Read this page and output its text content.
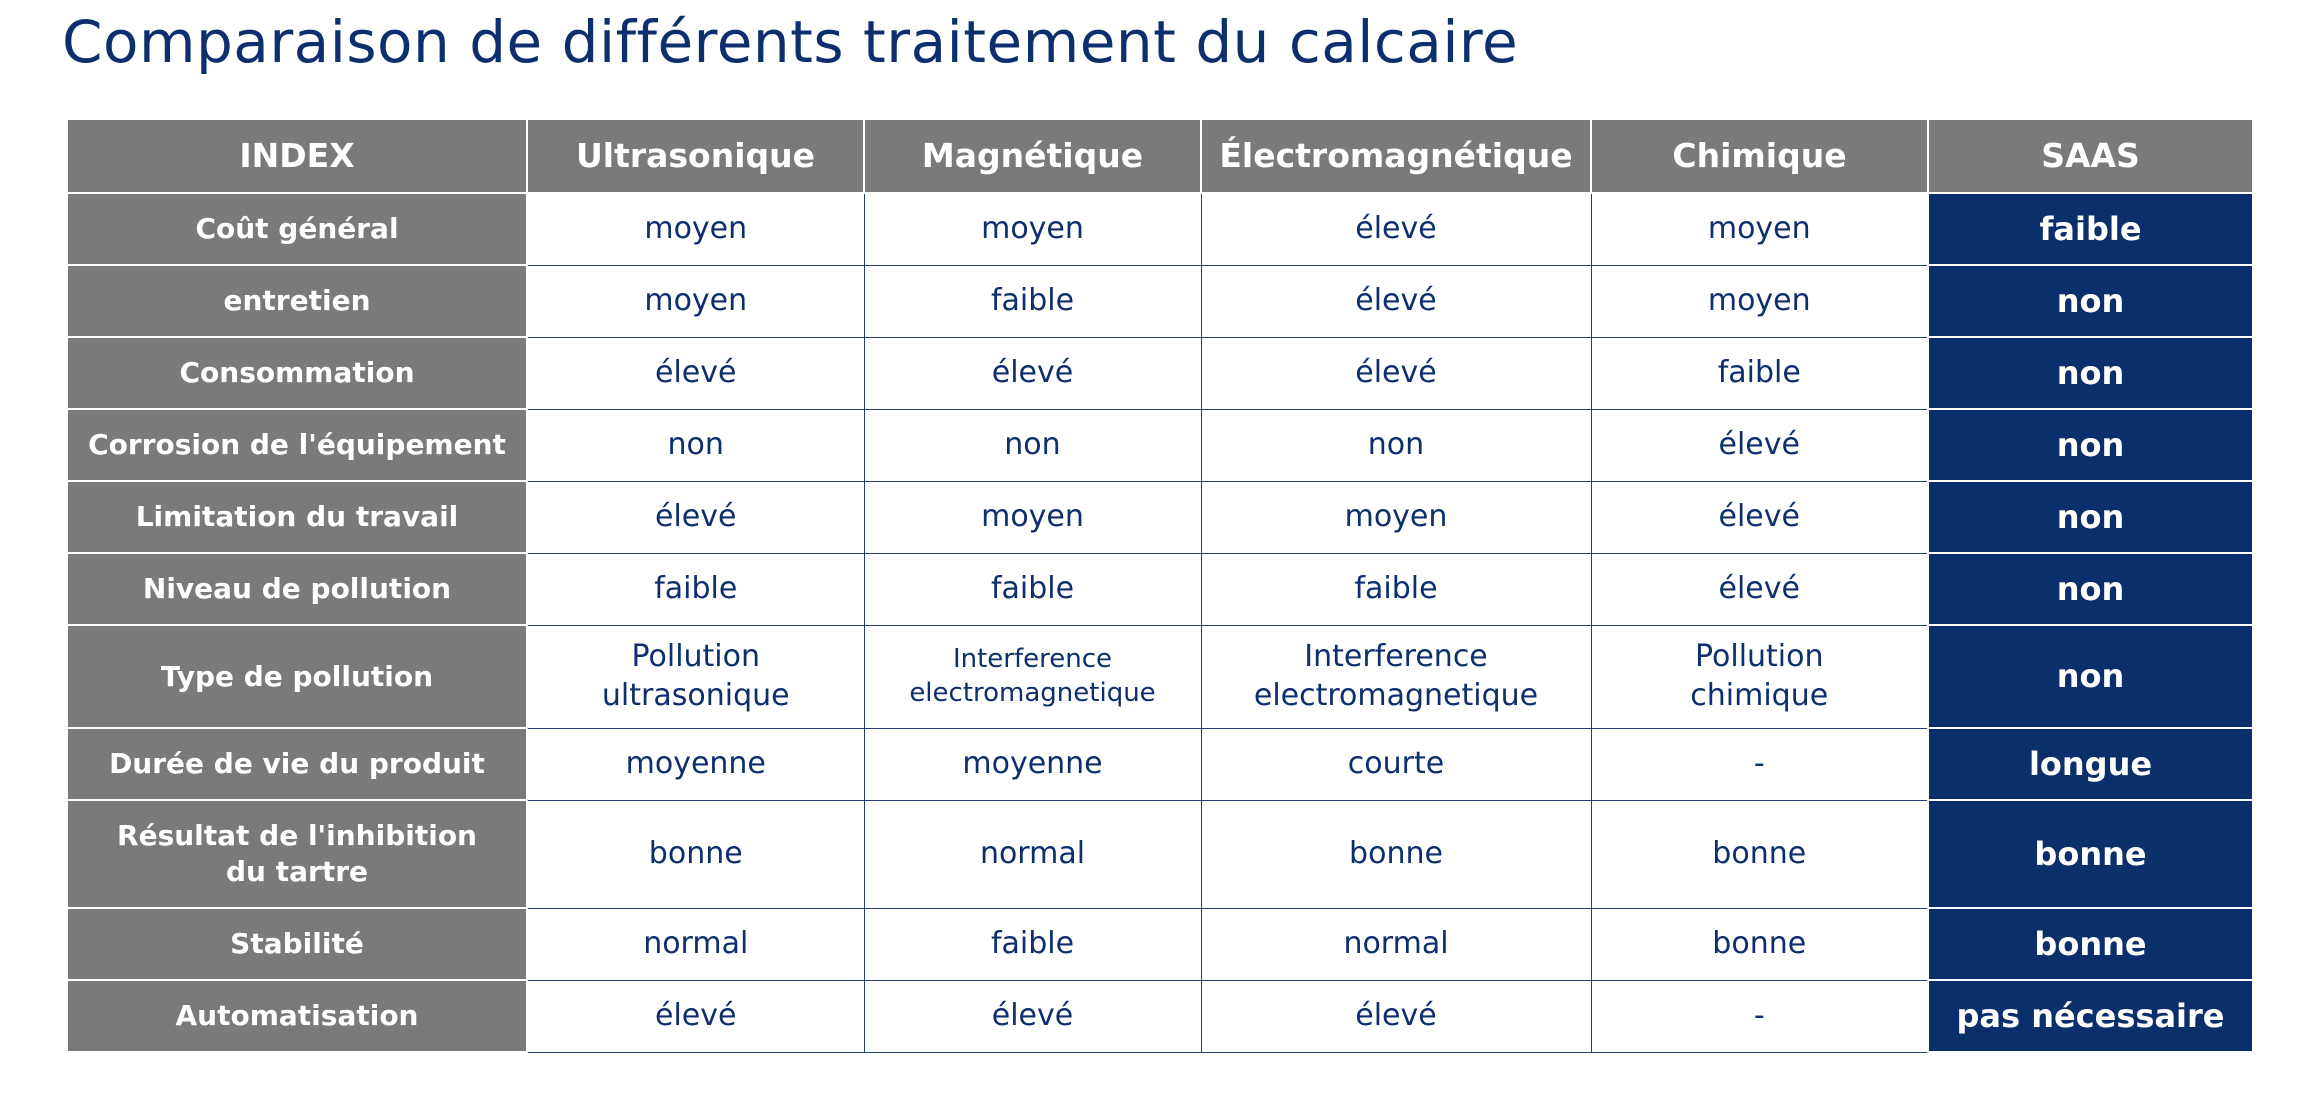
Comparaison de différents traitement du calcaire
INDEX	Ultrasonique	Magnétique	Électromagnétique	Chimique	SAAS
Coût général	moyen	moyen	élevé	moyen	faible
entretien	moyen	faible	élevé	moyen	non
Consommation	élevé	élevé	élevé	faible	non
Corrosion de l'équipement	non	non	non	élevé	non
Limitation du travail	élevé	moyen	moyen	élevé	non
Niveau de pollution	faible	faible	faible	élevé	non
Type de pollution	Pollution ultrasonique	Interference electromagnetique	Interference electromagnetique	Pollution chimique	non
Durée de vie du produit	moyenne	moyenne	courte	-	longue
Résultat de l'inhibition du tartre	bonne	normal	bonne	bonne	bonne
Stabilité	normal	faible	normal	bonne	bonne
Automatisation	élevé	élevé	élevé	-	pas nécessaire
